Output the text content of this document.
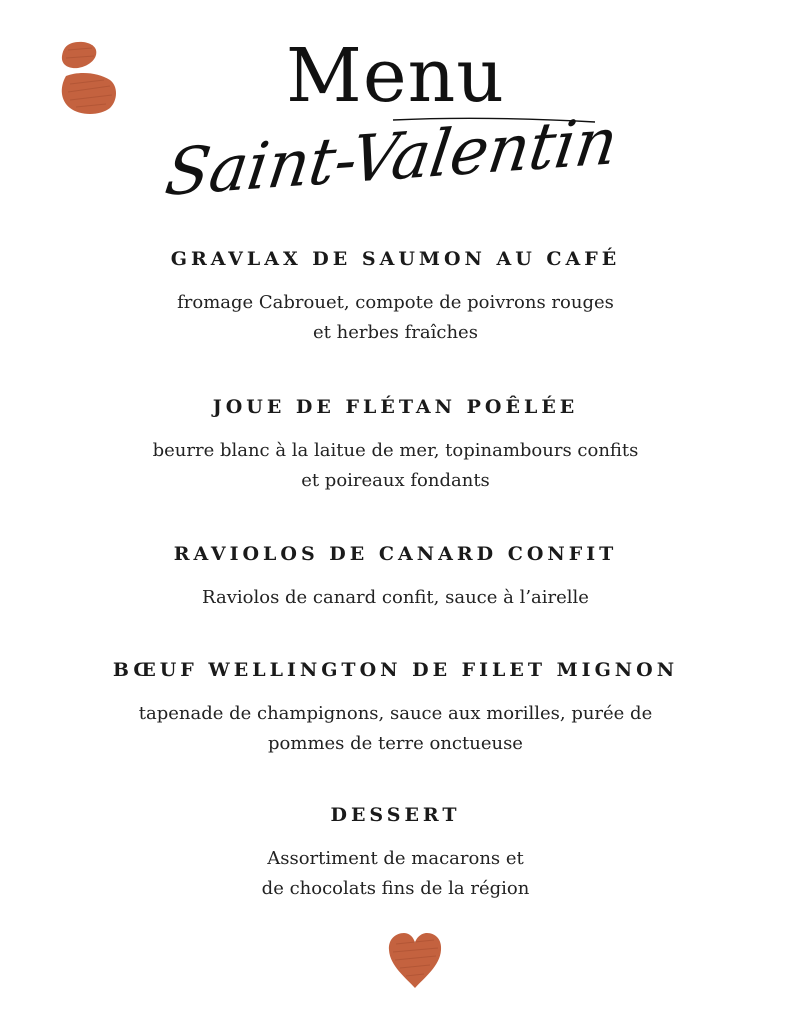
Menu
Saint-Valentin
GRAVLAX DE SAUMON AU CAFÉ
fromage Cabrouet, compote de poivrons rouges
et herbes fraîches
JOUE DE FLÉTAN POÊLÉE
beurre blanc à la laitue de mer, topinambours confits
et poireaux fondants
RAVIOLOS DE CANARD CONFIT
Raviolos de canard confit, sauce à l’airelle
BŒUF WELLINGTON DE FILET MIGNON
tapenade de champignons, sauce aux morilles, purée de
pommes de terre onctueuse
DESSERT
Assortiment de macarons et
de chocolats fins de la région
